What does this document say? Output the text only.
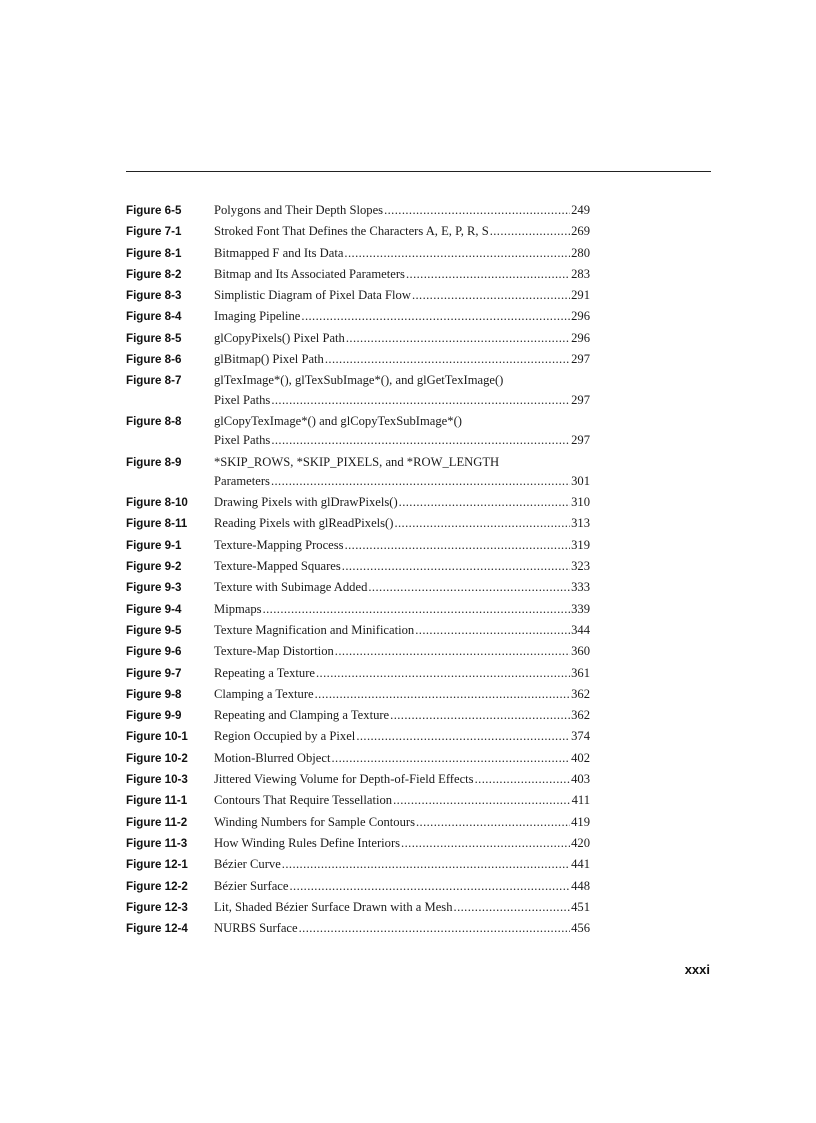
Figure 6-5	Polygons and Their Depth Slopes .....	249
Figure 7-1	Stroked Font That Defines the Characters A, E, P, R, S .....	269
Figure 8-1	Bitmapped F and Its Data .....	280
Figure 8-2	Bitmap and Its Associated Parameters .....	283
Figure 8-3	Simplistic Diagram of Pixel Data Flow .....	291
Figure 8-4	Imaging Pipeline .....	296
Figure 8-5	glCopyPixels() Pixel Path .....	296
Figure 8-6	glBitmap() Pixel Path .....	297
Figure 8-7	glTexImage*(), glTexSubImage*(), and glGetTexImage()
Pixel Paths .....	297
Figure 8-8	glCopyTexImage*() and glCopyTexSubImage*()
Pixel Paths .....	297
Figure 8-9	*SKIP_ROWS, *SKIP_PIXELS, and *ROW_LENGTH
Parameters .....	301
Figure 8-10	Drawing Pixels with glDrawPixels() .....	310
Figure 8-11	Reading Pixels with glReadPixels() .....	313
Figure 9-1	Texture-Mapping Process .....	319
Figure 9-2	Texture-Mapped Squares .....	323
Figure 9-3	Texture with Subimage Added .....	333
Figure 9-4	Mipmaps .....	339
Figure 9-5	Texture Magnification and Minification .....	344
Figure 9-6	Texture-Map Distortion .....	360
Figure 9-7	Repeating a Texture .....	361
Figure 9-8	Clamping a Texture .....	362
Figure 9-9	Repeating and Clamping a Texture .....	362
Figure 10-1	Region Occupied by a Pixel .....	374
Figure 10-2	Motion-Blurred Object .....	402
Figure 10-3	Jittered Viewing Volume for Depth-of-Field Effects .....	403
Figure 11-1	Contours That Require Tessellation .....	411
Figure 11-2	Winding Numbers for Sample Contours .....	419
Figure 11-3	How Winding Rules Define Interiors .....	420
Figure 12-1	Bézier Curve .....	441
Figure 12-2	Bézier Surface .....	448
Figure 12-3	Lit, Shaded Bézier Surface Drawn with a Mesh .....	451
Figure 12-4	NURBS Surface .....	456
xxxi
